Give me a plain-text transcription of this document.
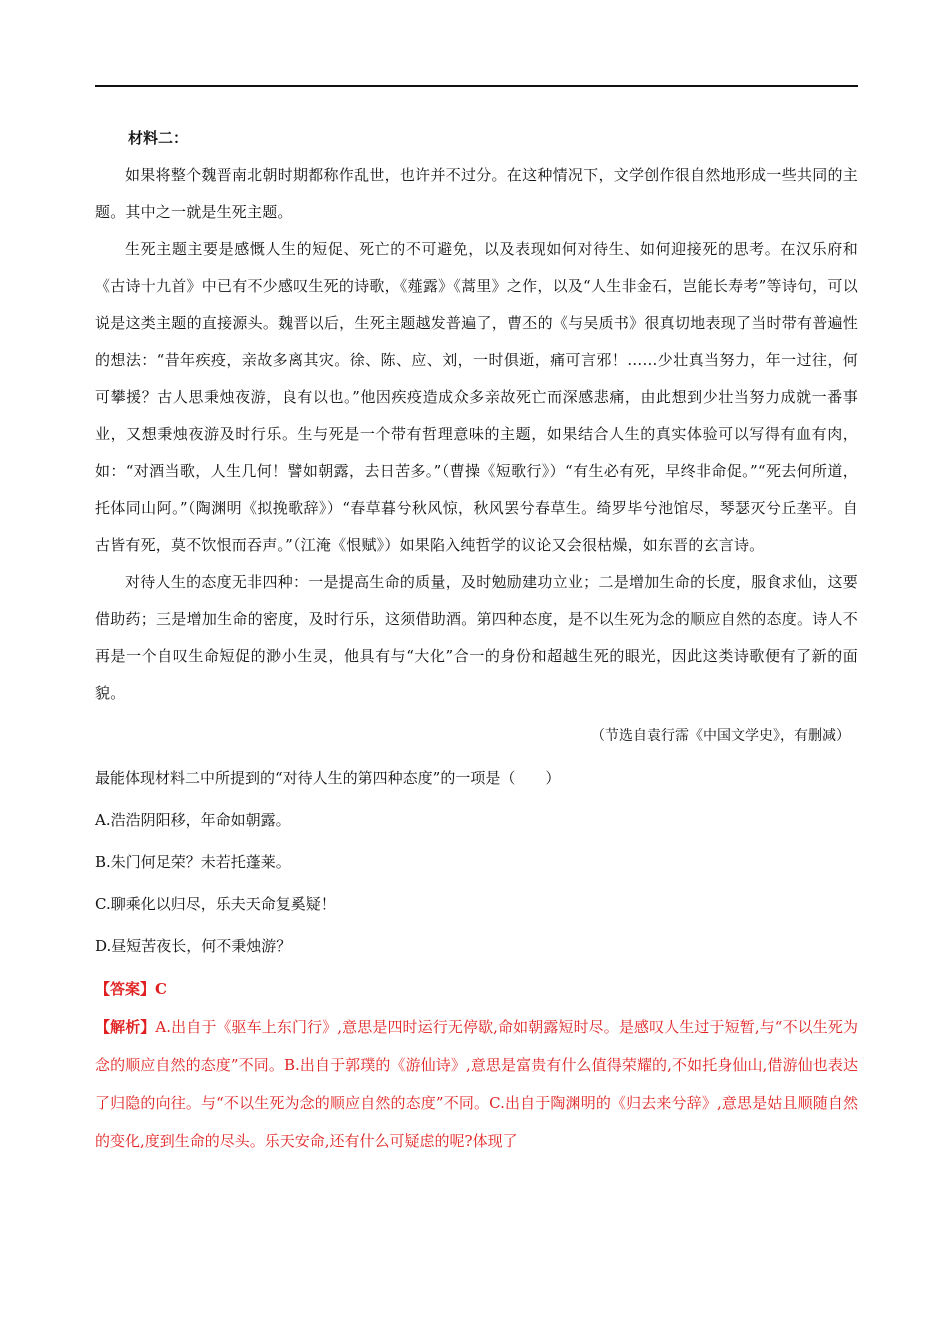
材料二：

如果将整个魏晋南北朝时期都称作乱世，也许并不过分。在这种情况下，文学创作很自然地形成一些共同的主题。其中之一就是生死主题。

生死主题主要是感慨人生的短促、死亡的不可避免，以及表现如何对待生、如何迎接死的思考。在汉乐府和《古诗十九首》中已有不少感叹生死的诗歌，《薤露》《蒿里》之作，以及“人生非金石，岂能长寿考”等诗句，可以说是这类主题的直接源头。魏晋以后，生死主题越发普遍了，曹丕的《与吴质书》很真切地表现了当时带有普遍性的想法：“昔年疾疫，亲故多离其灾。徐、陈、应、刘，一时俱逝，痛可言邪！……少壮真当努力，年一过往，何可攀援？古人思秉烛夜游，良有以也。”他因疾疫造成众多亲故死亡而深感悲痛，由此想到少壮当努力成就一番事业，又想秉烛夜游及时行乐。生与死是一个带有哲理意味的主题，如果结合人生的真实体验可以写得有血有肉，如：“对酒当歌，人生几何！譬如朝露，去日苦多。”（曹操《短歌行》）“有生必有死，早终非命促。”“死去何所道，托体同山阿。”（陶渊明《拟挽歌辞》）“春草暮兮秋风惊，秋风罢兮春草生。绮罗毕兮池馆尽，琴瑟灭兮丘垄平。自古皆有死，莫不饮恨而吞声。”（江淹《恨赋》）如果陷入纯哲学的议论又会很枯燥，如东晋的玄言诗。

对待人生的态度无非四种：一是提高生命的质量，及时勉励建功立业；二是增加生命的长度，服食求仙，这要借助药；三是增加生命的密度，及时行乐，这须借助酒。第四种态度，是不以生死为念的顺应自然的态度。诗人不再是一个自叹生命短促的渺小生灵，他具有与“大化”合一的身份和超越生死的眼光，因此这类诗歌便有了新的面貌。

（节选自袁行霈《中国文学史》，有删减）
最能体现材料二中所提到的“对待人生的第四种态度”的一项是（　　）
A.浩浩阴阳移，年命如朝露。
B.朱门何足荣？未若托蓬莱。
C.聊乘化以归尽，乐夫天命复奚疑！
D.昼短苦夜长，何不秉烛游？
【答案】C
【解析】A.出自于《驱车上东门行》,意思是四时运行无停歇,命如朝露短时尽。是感叹人生过于短暂,与“不以生死为念的顺应自然的态度”不同。B.出自于郭璞的《游仙诗》,意思是富贵有什么值得荣耀的,不如托身仙山,借游仙也表达了归隐的向往。与“不以生死为念的顺应自然的态度”不同。C.出自于陶渊明的《归去来兮辞》,意思是姑且顺随自然的变化,度到生命的尽头。乐天安命,还有什么可疑虑的呢?体现了
